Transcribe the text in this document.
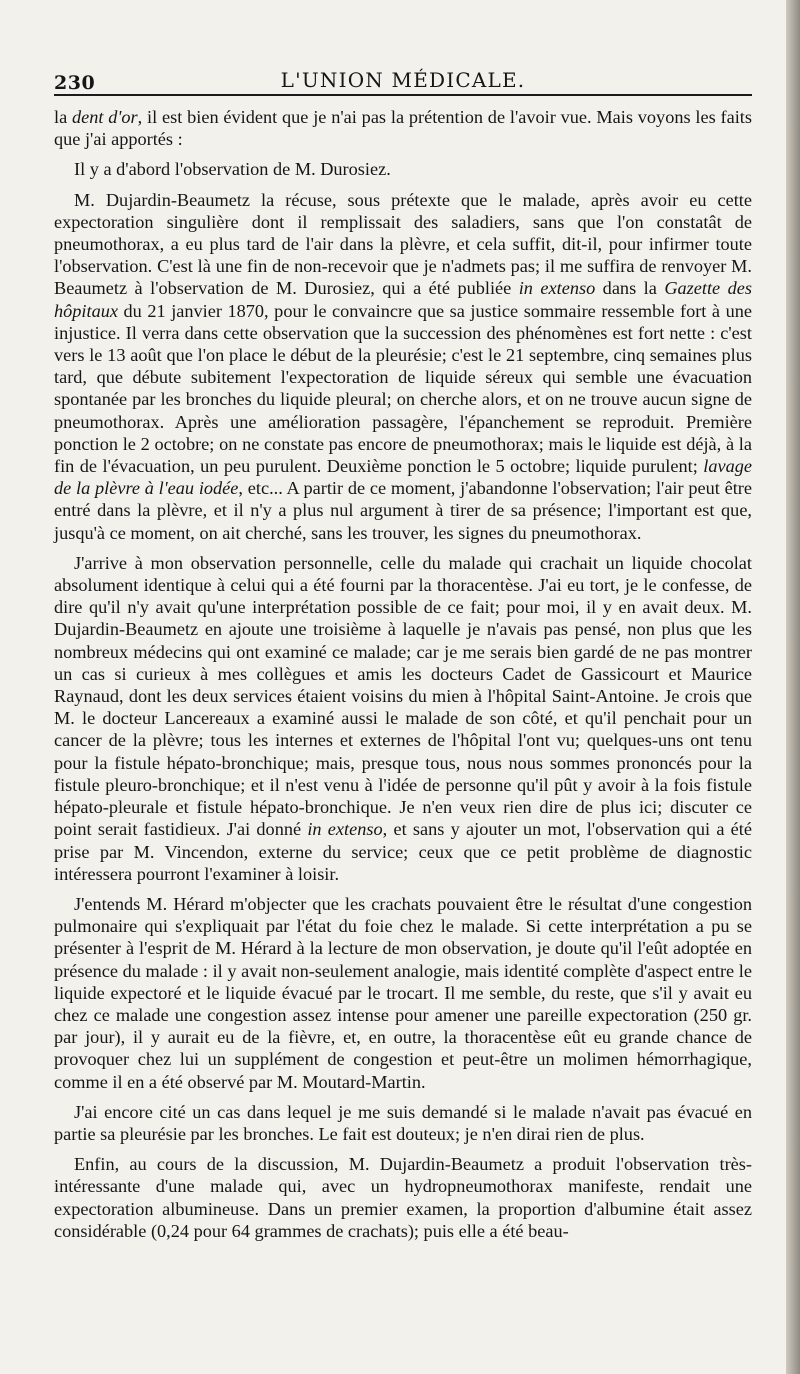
230	L'UNION MÉDICALE.

la dent d'or, il est bien évident que je n'ai pas la prétention de l'avoir vue. Mais voyons les faits que j'ai apportés :

Il y a d'abord l'observation de M. Durosiez.

M. Dujardin-Beaumetz la récuse, sous prétexte que le malade, après avoir eu cette expectoration singulière dont il remplissait des saladiers, sans que l'on constatât de pneumothorax, a eu plus tard de l'air dans la plèvre, et cela suffit, dit-il, pour infirmer toute l'observation. C'est là une fin de non-recevoir que je n'admets pas; il me suffira de renvoyer M. Beaumetz à l'observation de M. Durosiez, qui a été publiée in extenso dans la Gazette des hôpitaux du 21 janvier 1870, pour le convaincre que sa justice sommaire ressemble fort à une injustice. Il verra dans cette observation que la succession des phénomènes est fort nette : c'est vers le 13 août que l'on place le début de la pleurésie; c'est le 21 septembre, cinq semaines plus tard, que débute subitement l'expectoration de liquide séreux qui semble une évacuation spontanée par les bronches du liquide pleural; on cherche alors, et on ne trouve aucun signe de pneumothorax. Après une amélioration passagère, l'épanchement se reproduit. Première ponction le 2 octobre; on ne constate pas encore de pneumothorax; mais le liquide est déjà, à la fin de l'évacuation, un peu purulent. Deuxième ponction le 5 octobre; liquide purulent; lavage de la plèvre à l'eau iodée, etc... A partir de ce moment, j'abandonne l'observation; l'air peut être entré dans la plèvre, et il n'y a plus nul argument à tirer de sa présence; l'important est que, jusqu'à ce moment, on ait cherché, sans les trouver, les signes du pneumothorax.

J'arrive à mon observation personnelle, celle du malade qui crachait un liquide chocolat absolument identique à celui qui a été fourni par la thoracentèse. J'ai eu tort, je le confesse, de dire qu'il n'y avait qu'une interprétation possible de ce fait; pour moi, il y en avait deux. M. Dujardin-Beaumetz en ajoute une troisième à laquelle je n'avais pas pensé, non plus que les nombreux médecins qui ont examiné ce malade; car je me serais bien gardé de ne pas montrer un cas si curieux à mes collègues et amis les docteurs Cadet de Gassicourt et Maurice Raynaud, dont les deux services étaient voisins du mien à l'hôpital Saint-Antoine. Je crois que M. le docteur Lancereaux a examiné aussi le malade de son côté, et qu'il penchait pour un cancer de la plèvre; tous les internes et externes de l'hôpital l'ont vu; quelques-uns ont tenu pour la fistule hépato-bronchique; mais, presque tous, nous nous sommes prononcés pour la fistule pleuro-bronchique; et il n'est venu à l'idée de personne qu'il pût y avoir à la fois fistule hépato-pleurale et fistule hépato-bronchique. Je n'en veux rien dire de plus ici; discuter ce point serait fastidieux. J'ai donné in extenso, et sans y ajouter un mot, l'observation qui a été prise par M. Vincendon, externe du service; ceux que ce petit problème de diagnostic intéressera pourront l'examiner à loisir.

J'entends M. Hérard m'objecter que les crachats pouvaient être le résultat d'une congestion pulmonaire qui s'expliquait par l'état du foie chez le malade. Si cette interprétation a pu se présenter à l'esprit de M. Hérard à la lecture de mon observation, je doute qu'il l'eût adoptée en présence du malade : il y avait non-seulement analogie, mais identité complète d'aspect entre le liquide expectoré et le liquide évacué par le trocart. Il me semble, du reste, que s'il y avait eu chez ce malade une congestion assez intense pour amener une pareille expectoration (250 gr. par jour), il y aurait eu de la fièvre, et, en outre, la thoracentèse eût eu grande chance de provoquer chez lui un supplément de congestion et peut-être un molimen hémorrhagique, comme il en a été observé par M. Moutard-Martin.

J'ai encore cité un cas dans lequel je me suis demandé si le malade n'avait pas évacué en partie sa pleurésie par les bronches. Le fait est douteux; je n'en dirai rien de plus.

Enfin, au cours de la discussion, M. Dujardin-Beaumetz a produit l'observation très-intéressante d'une malade qui, avec un hydropneumothorax manifeste, rendait une expectoration albumineuse. Dans un premier examen, la proportion d'albumine était assez considérable (0,24 pour 64 grammes de crachats); puis elle a été beau-
